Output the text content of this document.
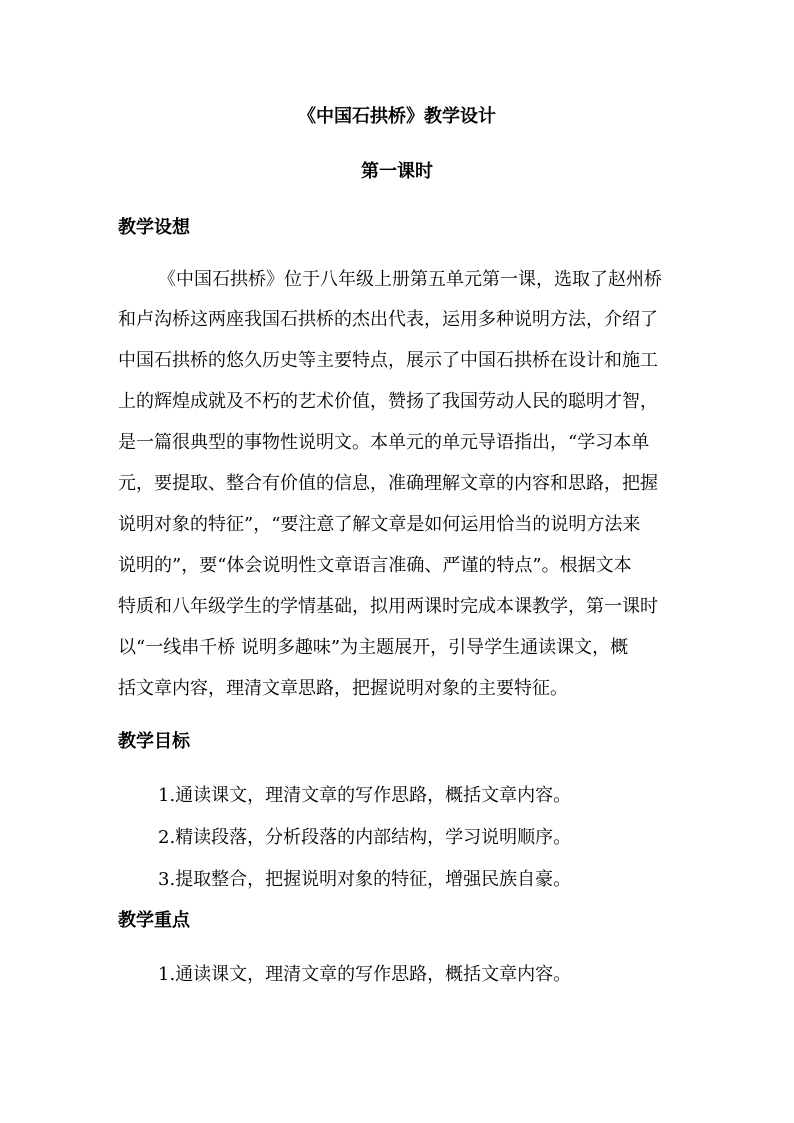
《中国石拱桥》教学设计
第一课时
教学设想
《中国石拱桥》位于八年级上册第五单元第一课，选取了赵州桥
和卢沟桥这两座我国石拱桥的杰出代表，运用多种说明方法，介绍了
中国石拱桥的悠久历史等主要特点，展示了中国石拱桥在设计和施工
上的辉煌成就及不朽的艺术价值，赞扬了我国劳动人民的聪明才智，
是一篇很典型的事物性说明文。本单元的单元导语指出，“学习本单
元，要提取、整合有价值的信息，准确理解文章的内容和思路，把握
说明对象的特征”，“要注意了解文章是如何运用恰当的说明方法来
说明的”，要“体会说明性文章语言准确、严谨的特点”。根据文本
特质和八年级学生的学情基础，拟用两课时完成本课教学，第一课时
以“一线串千桥 说明多趣味”为主题展开，引导学生通读课文，概
括文章内容，理清文章思路，把握说明对象的主要特征。
教学目标
1.通读课文，理清文章的写作思路，概括文章内容。
2.精读段落，分析段落的内部结构，学习说明顺序。
3.提取整合，把握说明对象的特征，增强民族自豪。
教学重点
1.通读课文，理清文章的写作思路，概括文章内容。
